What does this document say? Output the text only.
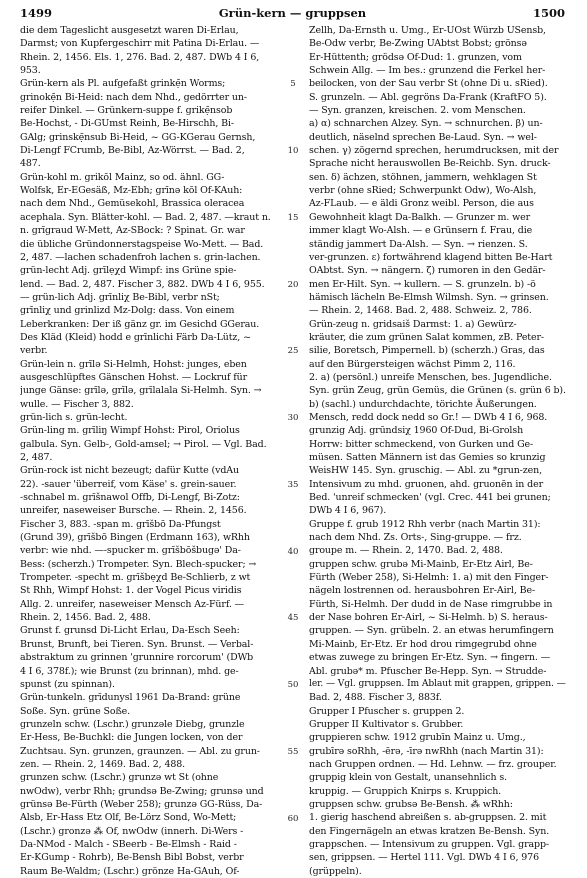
1499	Grün-kern — gruppsen	1500
die dem Tageslicht ausgesetzt waren Di-Erlau,
Darmst; von Kupfergeschirr mit Patina Di-Erlau. —
Rhein. 2, 1456. Els. 1, 276. Bad. 2, 487. DWb 4 I 6,
953.
Grün-kern als Pl. aufgefaßt grinkẹ̄n Worms;
grinokẹ̄n Bi-Heid: nach dem Nhd., gedörrter un-
reifer Dinkel. — Grünkern-suppe f. grikẹ̄nsob
Be-Hochst, - Di-GUmst Reinh, Be-Hirschh, Bi-
GAlg; grinskẹ̄nsub Bi-Heid, ~ GG-KGerau Gernsh,
Di-Lengf FCrumb, Be-Bibl, Az-Wörrst. — Bad. 2,
487.
Grün-kohl m. grikōl Mainz, so od. ähnl. GG-
Wolfsk, Er-EGesäß, Mz-Ebh; grīnə kōl Of-KAuh:
nach dem Nhd., Gemüsekohl, Brassica oleracea
acephala. Syn. Blätter-kohl. — Bad. 2, 487. —kraut n.
n. grīgraud W-Mett, Az-SBock: ? Spinat. Gr. war
die übliche Gründonnerstagspeise Wo-Mett. — Bad.
2, 487. —lachen schadenfroh lachen s. grin-lachen.
grün-lecht Adj. grīlẹχd Wimpf: ins Grüne spie-
lend. — Bad. 2, 487. Fischer 3, 882. DWb 4 I 6, 955.
— grün-lich Adj. grīnliχ Be-Bibl, verbr nSt;
grīnliχ und grinlizd Mz-Dolg: dass. Von einem
Leberkranken: Der iß gänz gr. im Gesichd GGerau.
Des Kläd (Kleid) hodd e grīnlichi Färb Da-Lütz, ~
verbr.
Grün-lein n. grīlə Si-Helmh, Hohst: junges, eben
ausgeschlüpftes Gänschen Hohst. — Lockruf für
junge Gänse: grīlə, grīlə, grīlalala Si-Helmh. Syn. →
wulle. — Fischer 3, 882.
grün-lich s. grün-lecht.
Grün-ling m. grīliŋ Wimpf Hohst: Pirol, Oriolus
galbula. Syn. Gelb-, Gold-amsel; → Pirol. — Vgl. Bad.
2, 487.
Grün-rock ist nicht bezeugt; dafür Kutte (vdAu
22). -sauer 'überreif, vom Käse' s. grein-sauer.
-schnabel m. grīšnawol Offb, Di-Lengf, Bi-Zotz:
unreifer, naseweiser Bursche. — Rhein. 2, 1456.
Fischer 3, 883. -span m. grīšbō Da-Pfungst
(Grund 39), grīšbō Bingen (Erdmann 163), wRhh
verbr: wie nhd. —-spucker m. grīšbōšbugə' Da-
Bess: (scherzh.) Trompeter. Syn. Blech-spucker; →
Trompeter. -specht m. grīšbẹχd Be-Schlierb, z wt
St Rhh, Wimpf Hohst: 1. der Vogel Picus viridis
Allg. 2. unreifer, naseweiser Mensch Az-Fürf. —
Rhein. 2, 1456. Bad. 2, 488.
Grunst f. grunsd Di-Licht Erlau, Da-Esch Seeh:
Brunst, Brunft, bei Tieren. Syn. Brunst. — Verbal-
abstraktum zu grinnen 'grunnire rorcorum' (DWb
4 I 6, 378f.); wie Brunst (zu brinnan), mhd. ge-
spunst (zu spinnan).
Grün-tunkeln. grīdunysl 1961 Da-Brand: grüne
Soße. Syn. grüne Soße.
grunzeln schw. (Lschr.) grunzəle Diebg, grunzle
Er-Hess, Be-Buchkl: die Jungen locken, von der
Zuchtsau. Syn. grunzen, graunzen. — Abl. zu grun-
zen. — Rhein. 2, 1469. Bad. 2, 488.
grunzen schw. (Lschr.) grunzə wt St (ohne
nwOdw), verbr Rhh; grundsə Be-Zwing; grunsə und
grünsə Be-Fürth (Weber 258); grunzə GG-Rüss, Da-
Alsb, Er-Hass Etz Olf, Be-Lörz Sond, Wo-Mett;
(Lschr.) gronzə ⁂ Of, nwOdw (innerh. Di-Wers -
Da-NMod - Malch - SBeerb - Be-Elmsh - Raid -
Er-KGump - Rohrb), Be-Bensh Bibl Bobst, verbr
Raum Be-Waldm; (Lschr.) grönze Ha-GAuh, Of-
5
10
15
20
25
30
35
40
45
50
55
60
Zellh, Da-Ernsth u. Umg., Er-UOst Würzb USensb,
Be-Odw verbr, Be-Zwing UAbtst Bobst; grönsə
Er-Hüttenth; grödsə Of-Dud: 1. grunzen, vom
Schwein Allg. — Im bes.: grunzend die Ferkel her-
beilocken, von der Sau verbr St (ohne Di u. sRied).
S. grunzeln. — Abl. gegröns Da-Frank (KraftFO 5).
— Syn. granzen, kreischen. 2. vom Menschen.
a) α) schnarchen Alzey. Syn. → schnurchen. β) un-
deutlich, näselnd sprechen Be-Laud. Syn. → wel-
schen. γ) zögernd sprechen, herumdrucksen, mit der
Sprache nicht herauswollen Be-Reichb. Syn. druck-
sen. δ) ächzen, stöhnen, jammern, wehklagen St
verbr (ohne sRied; Schwerpunkt Odw), Wo-Alsh,
Az-FLaub. — e äldi Gronz weibl. Person, die aus
Gewohnheit klagt Da-Balkh. — Grunzer m. wer
immer klagt Wo-Alsh. — e Grünsern f. Frau, die
ständig jammert Da-Alsh. — Syn. → rienzen. S.
ver-grunzen. ε) fortwährend klagend bitten Be-Hart
OAbtst. Syn. → nängern. ζ) rumoren in den Gedär-
men Er-Hilt. Syn. → kullern. — S. grunzeln. b) -ö
hämisch lächeln Be-Elmsh Wilmsh. Syn. → grinsen.
— Rhein. 2, 1468. Bad. 2, 488. Schweiz. 2, 786.
Grün-zeug n. gridsaiš Darmst: 1. a) Gewürz-
kräuter, die zum grünen Salat kommen, zB. Peter-
silie, Boretsch, Pimpernell. b) (scherzh.) Gras, das
auf den Bürgersteigen wächst Pimm 2, 116.
2. a) (persönl.) unreife Menschen, bes. Jugendliche.
Syn. grün Zeug, grün Gemüs, die Grünen (s. grün 6 b).
b) (sachl.) undurchdachte, törichte Äußerungen.
Mensch, redd dock nedd so Gr.! — DWb 4 I 6, 968.
grunzig Adj. grūndsiχ 1960 Of-Dud, Bi-Grolsh
Horrw: bitter schmeckend, von Gurken und Ge-
müsen. Satten Männern ist das Gemies so krunzig
WeisHW 145. Syn. gruschig. — Abl. zu *grun-zen,
Intensivum zu mhd. gruonen, ahd. gruonēn in der
Bed. 'unreif schmecken' (vgl. Crec. 441 bei grunen;
DWb 4 I 6, 967).
Gruppe f. grub 1912 Rhh verbr (nach Martin 31):
nach dem Nhd. Zs. Orts-, Sing-gruppe. — frz.
groupe m. — Rhein. 2, 1470. Bad. 2, 488.
gruppen schw. grubə Mi-Mainb, Er-Etz Airl, Be-
Fürth (Weber 258), Si-Helmh: 1. a) mit den Finger-
nägeln lostrennen od. herausbohren Er-Airl, Be-
Fürth, Si-Helmh. Der dudd in de Nase rimgrubbe in
der Nase bohren Er-Airl, ~ Si-Helmh. b) S. heraus-
gruppen. — Syn. grübeln. 2. an etwas herumfingern
Mi-Mainb, Er-Etz. Er hod drou rimgegrubd ohne
etwas zuwege zu bringen Er-Etz. Syn. → fingern. —
Abl. grubə* m. Pfuscher Be-Hepp. Syn. → Strudde-
ler. — Vgl. gruppsen. Im Ablaut mit grappen, grippen. —
Bad. 2, 488. Fischer 3, 883f.
Grupper I Pfuscher s. gruppen 2.
Grupper II Kultivator s. Grubber.
gruppieren schw. 1912 grubīn Mainz u. Umg.,
grubīrə soRhh, -ērə, -īrə nwRhh (nach Martin 31):
nach Gruppen ordnen. — Hd. Lehnw. — frz. grouper.
gruppig klein von Gestalt, unansehnlich s.
kruppig. — Gruppich Knirps s. Kruppich.
gruppsen schw. grubsə Be-Bensh. ⁂ wRhh:
1. gierig haschend abreißen s. ab-gruppsen. 2. mit
den Fingernägeln an etwas kratzen Be-Bensh. Syn.
grappschen. — Intensivum zu gruppen. Vgl. grapp-
sen, grippsen. — Hertel 111. Vgl. DWb 4 I 6, 976
(grüppeln).
